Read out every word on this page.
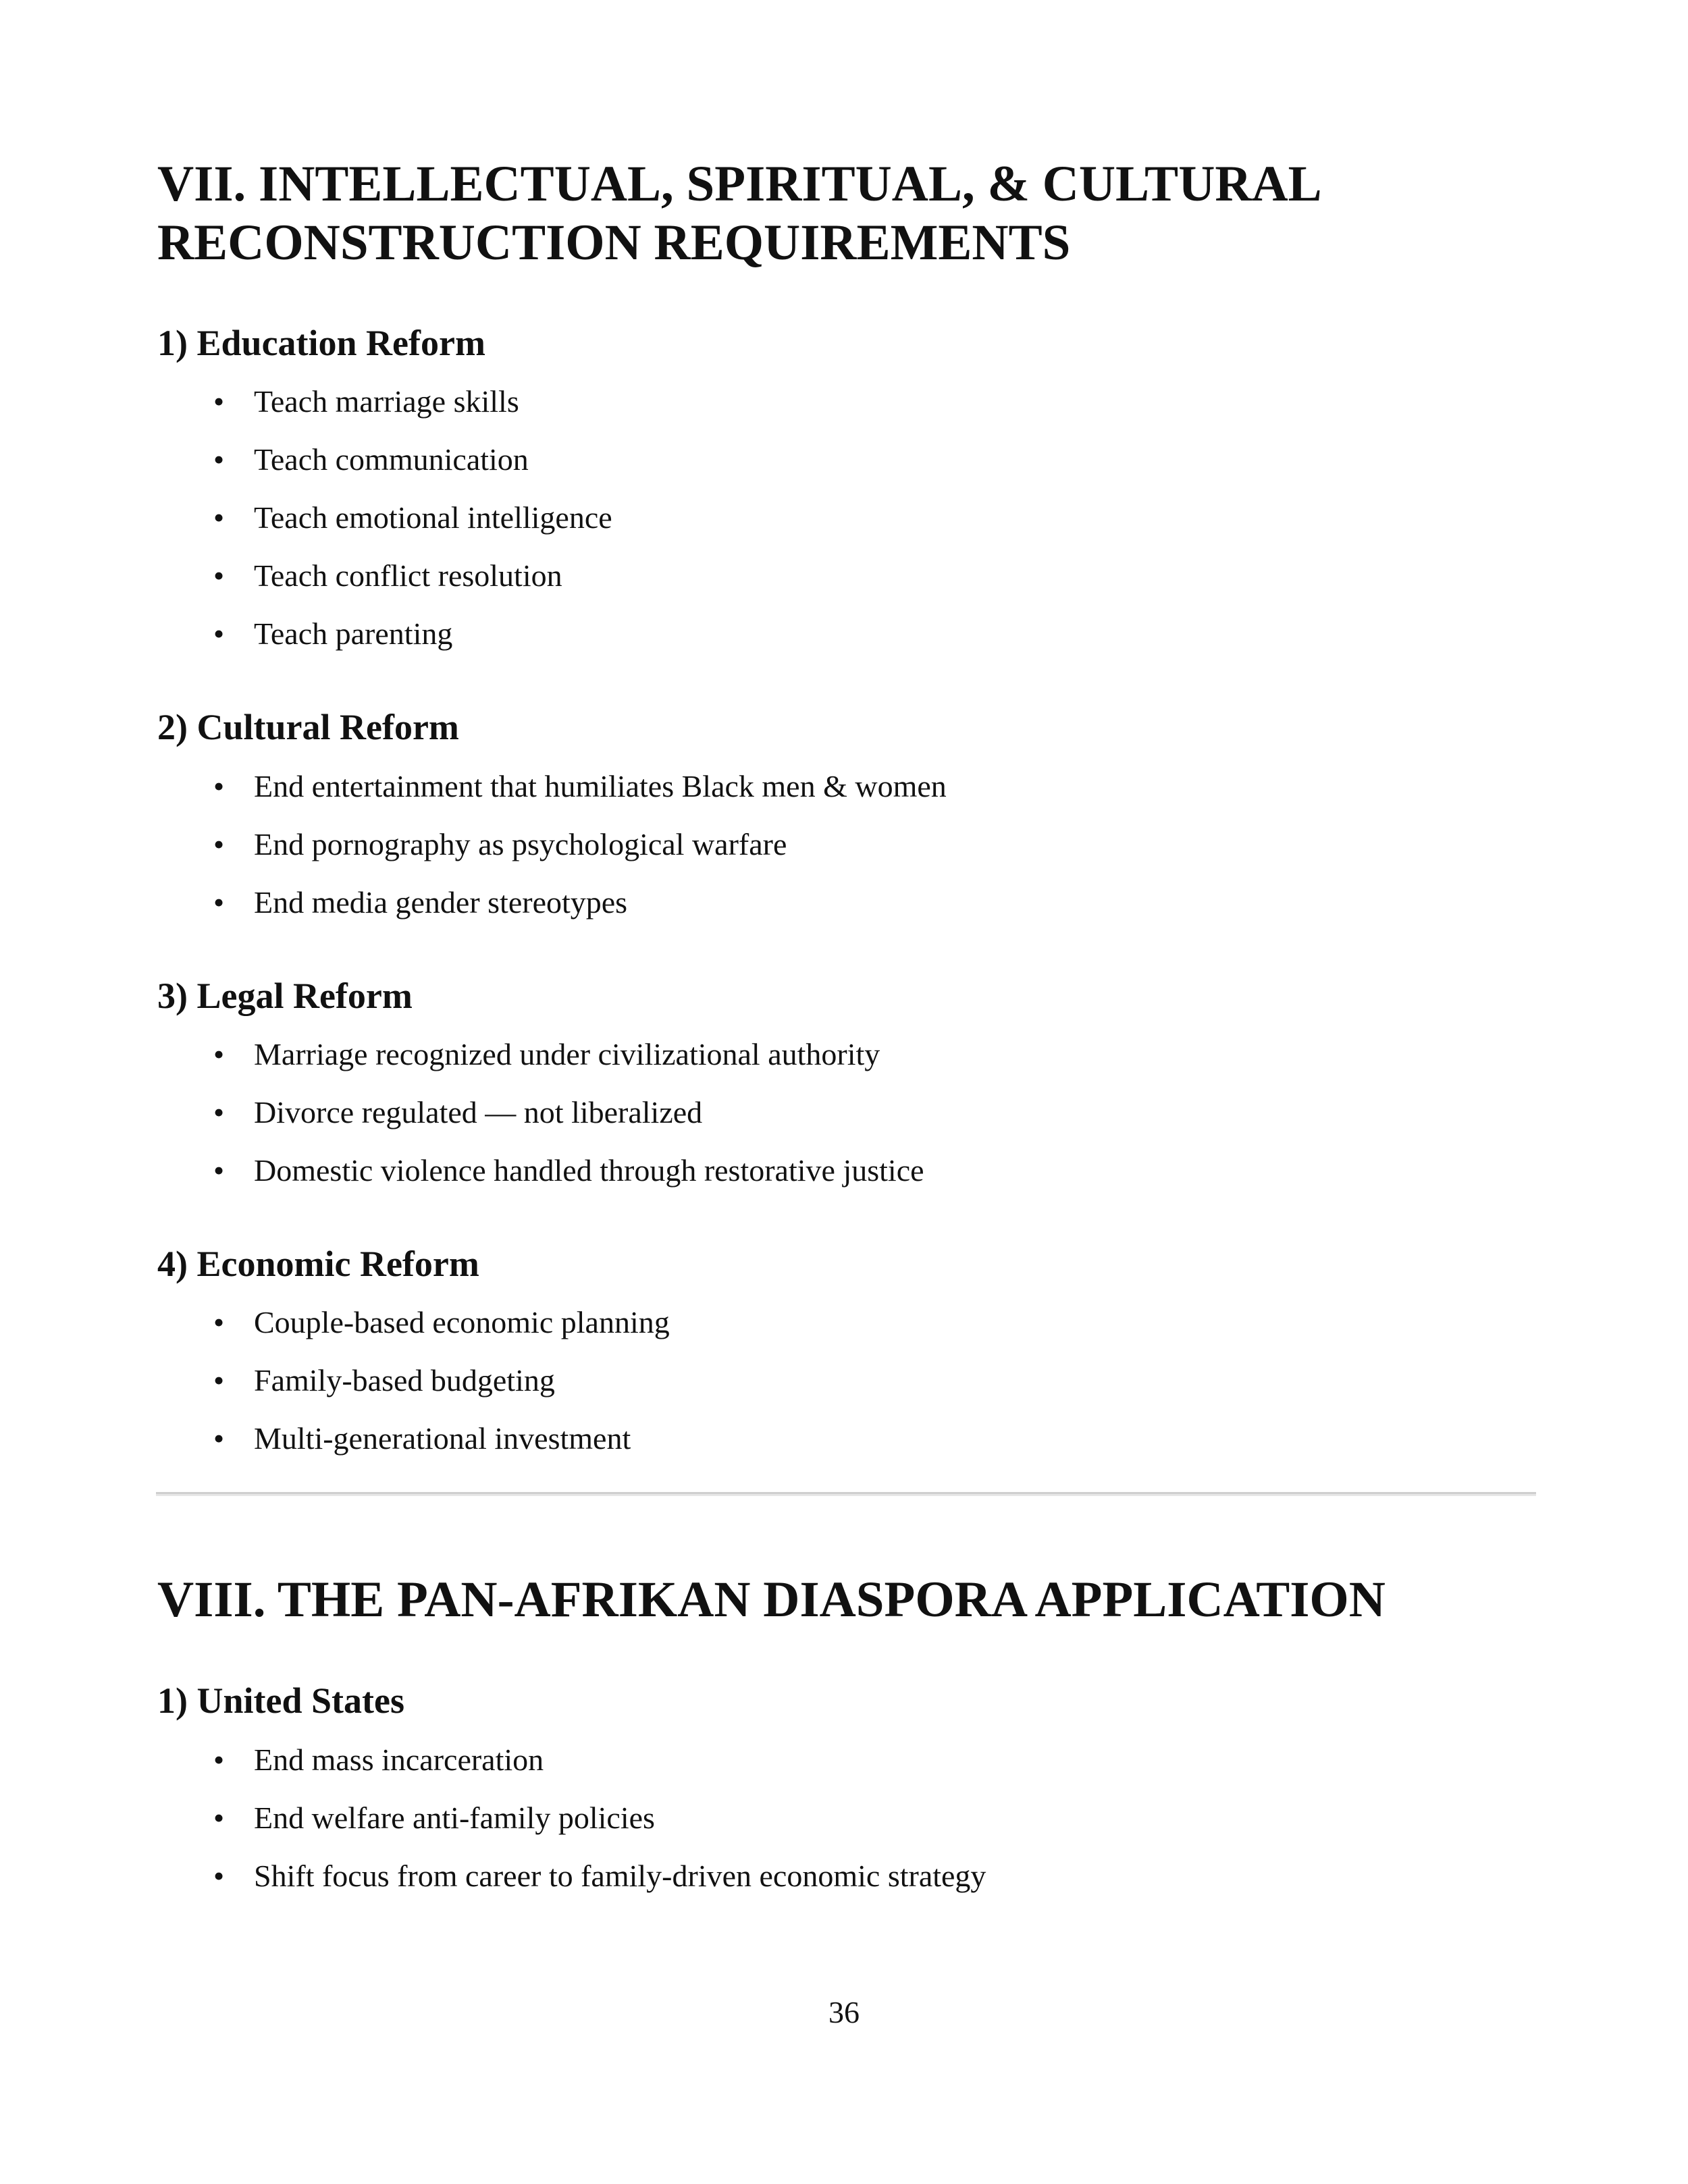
VII. INTELLECTUAL, SPIRITUAL, & CULTURAL RECONSTRUCTION REQUIREMENTS
1) Education Reform
• Teach marriage skills
• Teach communication
• Teach emotional intelligence
• Teach conflict resolution
• Teach parenting
2) Cultural Reform
• End entertainment that humiliates Black men & women
• End pornography as psychological warfare
• End media gender stereotypes
3) Legal Reform
• Marriage recognized under civilizational authority
• Divorce regulated — not liberalized
• Domestic violence handled through restorative justice
4) Economic Reform
• Couple-based economic planning
• Family-based budgeting
• Multi-generational investment
VIII. THE PAN-AFRIKAN DIASPORA APPLICATION
1) United States
• End mass incarceration
• End welfare anti-family policies
• Shift focus from career to family-driven economic strategy
36
